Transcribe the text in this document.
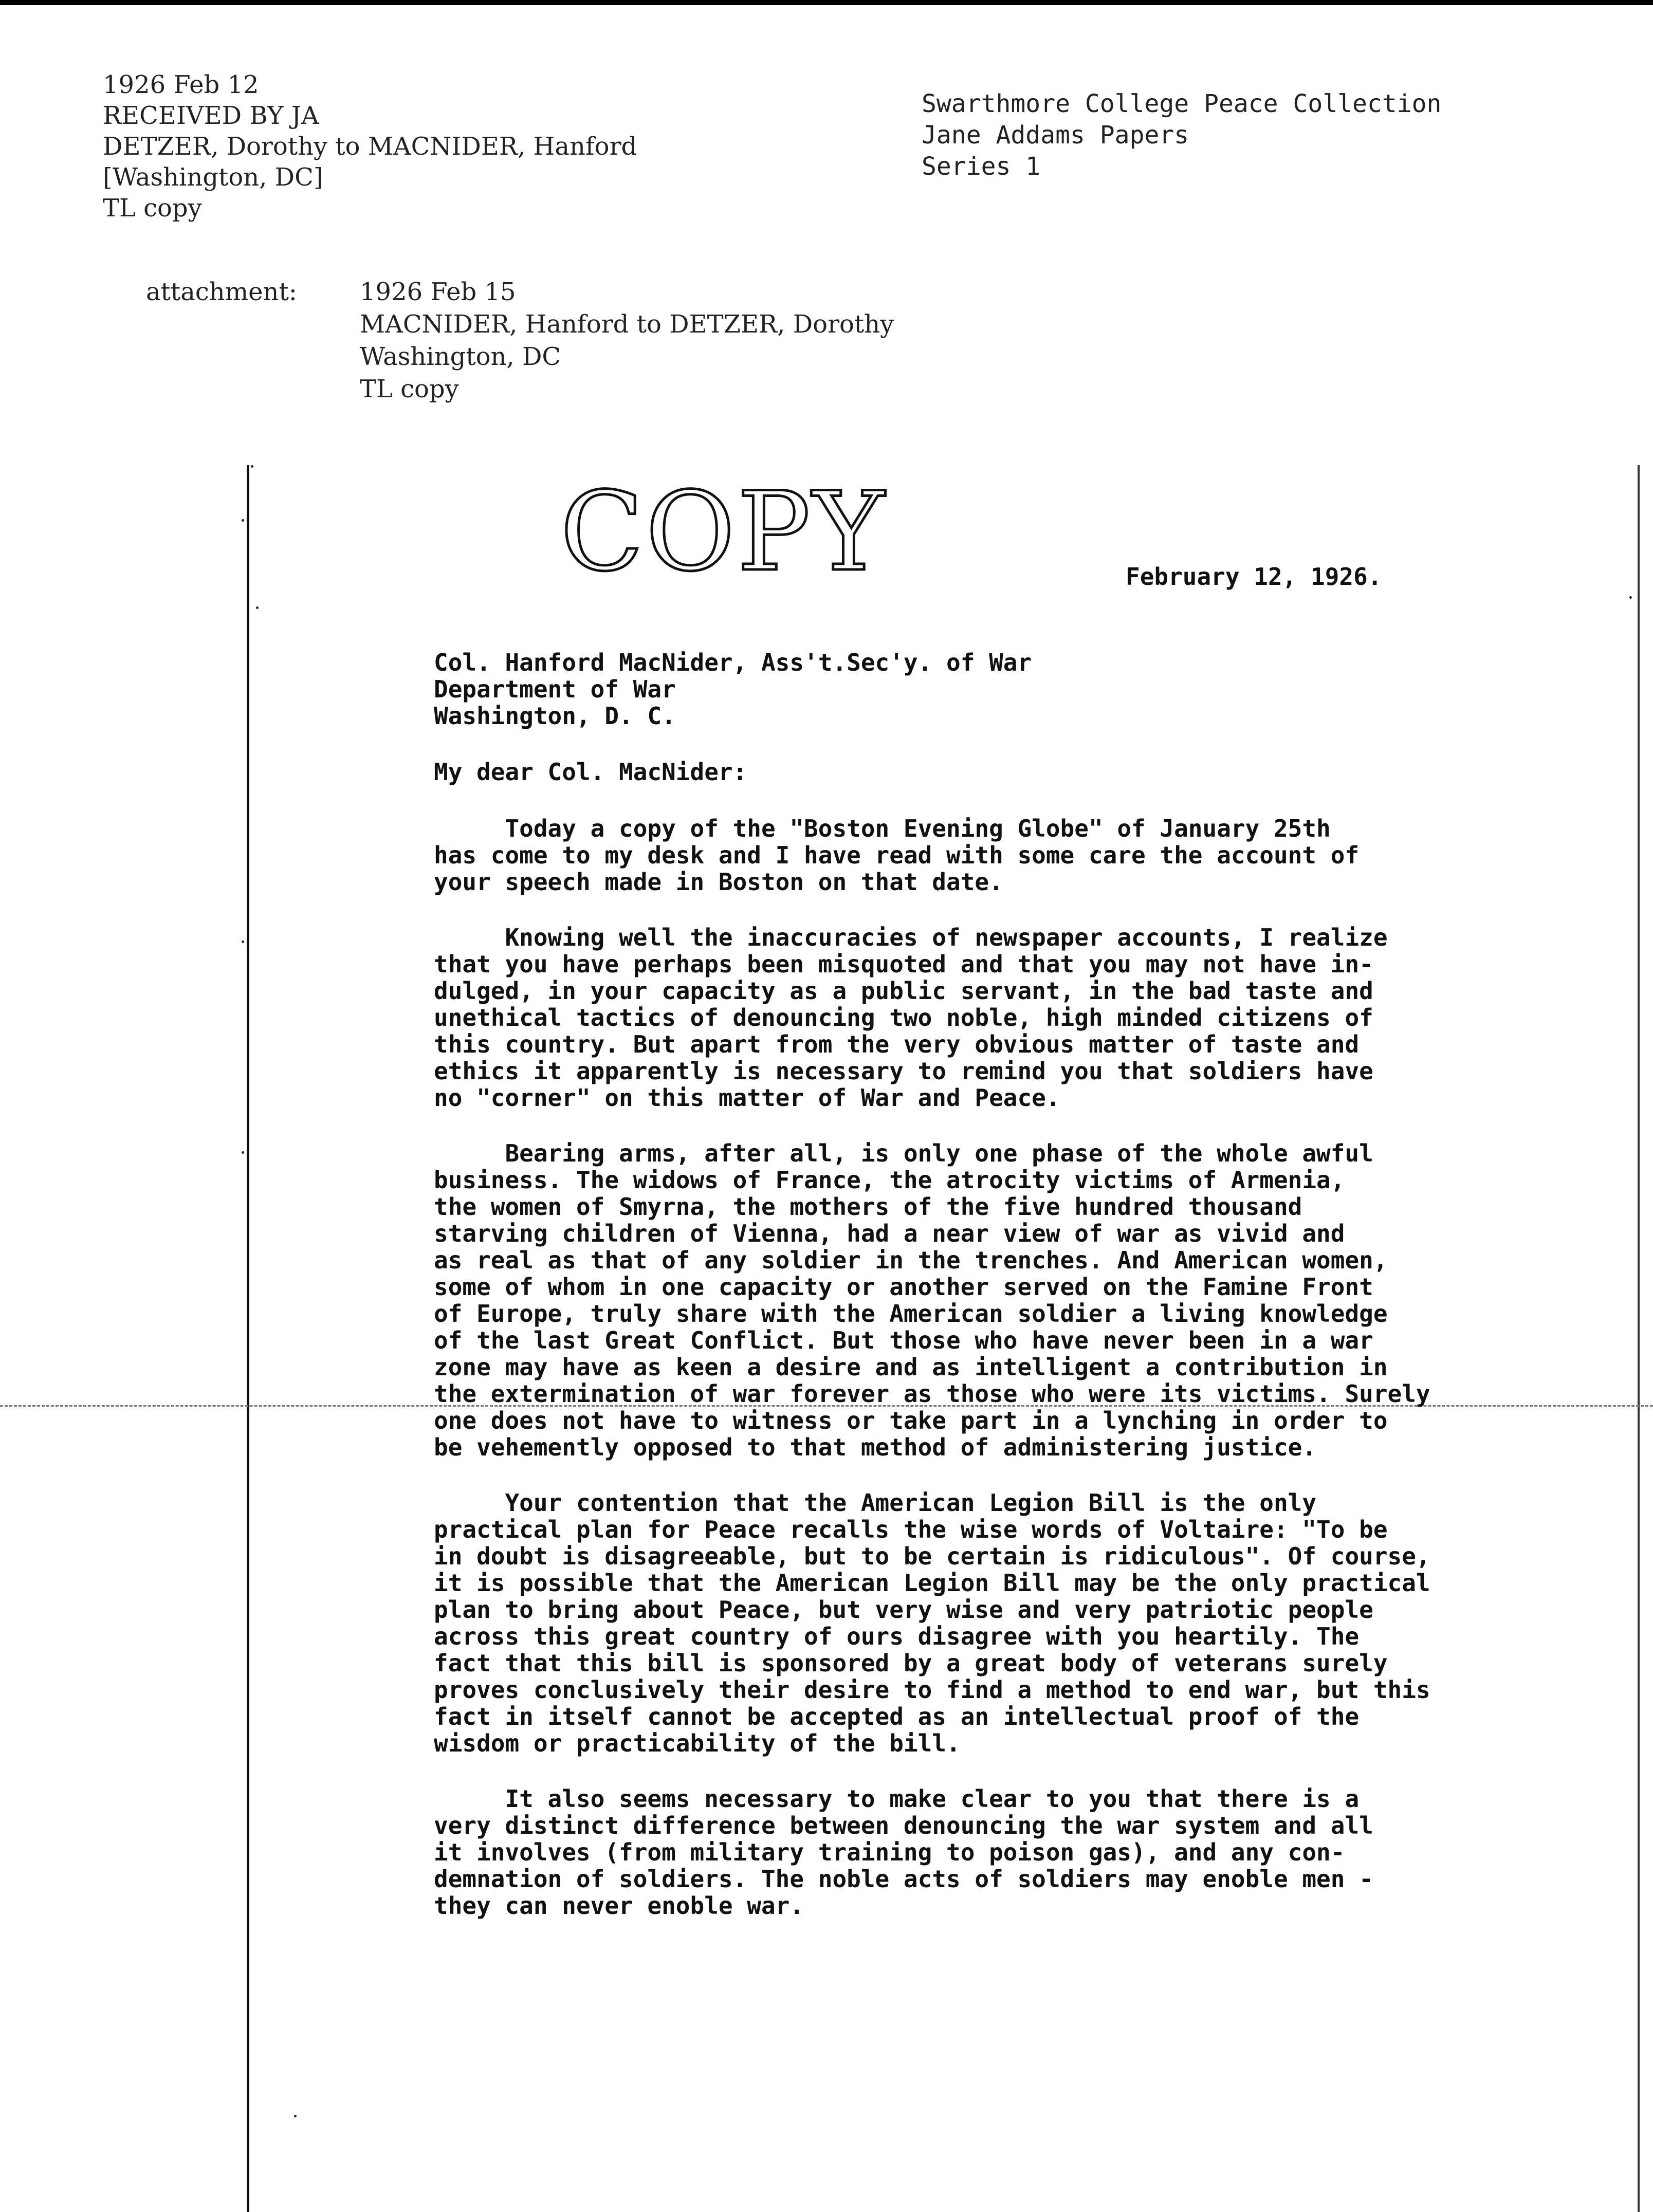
1926 Feb 12
RECEIVED BY JA
DETZER, Dorothy to MACNIDER, Hanford
[Washington, DC]
TL copy
Swarthmore College Peace Collection
Jane Addams Papers
Series 1
attachment:	1926 Feb 15
MACNIDER, Hanford to DETZER, Dorothy
Washington, DC
TL copy
COPY	February 12, 1926.
Col. Hanford MacNider, Ass't.Sec'y. of War
Department of War
Washington, D. C.
My dear Col. MacNider:
Today a copy of the "Boston Evening Globe" of January 25th
has come to my desk and I have read with some care the account of
your speech made in Boston on that date.
Knowing well the inaccuracies of newspaper accounts, I realize
that you have perhaps been misquoted and that you may not have in-
dulged, in your capacity as a public servant, in the bad taste and
unethical tactics of denouncing two noble, high minded citizens of
this country. But apart from the very obvious matter of taste and
ethics it apparently is necessary to remind you that soldiers have
no "corner" on this matter of War and Peace.
Bearing arms, after all, is only one phase of the whole awful
business. The widows of France, the atrocity victims of Armenia,
the women of Smyrna, the mothers of the five hundred thousand
starving children of Vienna, had a near view of war as vivid and
as real as that of any soldier in the trenches. And American women,
some of whom in one capacity or another served on the Famine Front
of Europe, truly share with the American soldier a living knowledge
of the last Great Conflict. But those who have never been in a war
zone may have as keen a desire and as intelligent a contribution in
the extermination of war forever as those who were its victims. Surely
one does not have to witness or take part in a lynching in order to
be vehemently opposed to that method of administering justice.
Your contention that the American Legion Bill is the only
practical plan for Peace recalls the wise words of Voltaire: "To be
in doubt is disagreeable, but to be certain is ridiculous". Of course,
it is possible that the American Legion Bill may be the only practical
plan to bring about Peace, but very wise and very patriotic people
across this great country of ours disagree with you heartily. The
fact that this bill is sponsored by a great body of veterans surely
proves conclusively their desire to find a method to end war, but this
fact in itself cannot be accepted as an intellectual proof of the
wisdom or practicability of the bill.
It also seems necessary to make clear to you that there is a
very distinct difference between denouncing the war system and all
it involves (from military training to poison gas), and any con-
demnation of soldiers. The noble acts of soldiers may enoble men -
they can never enoble war.
